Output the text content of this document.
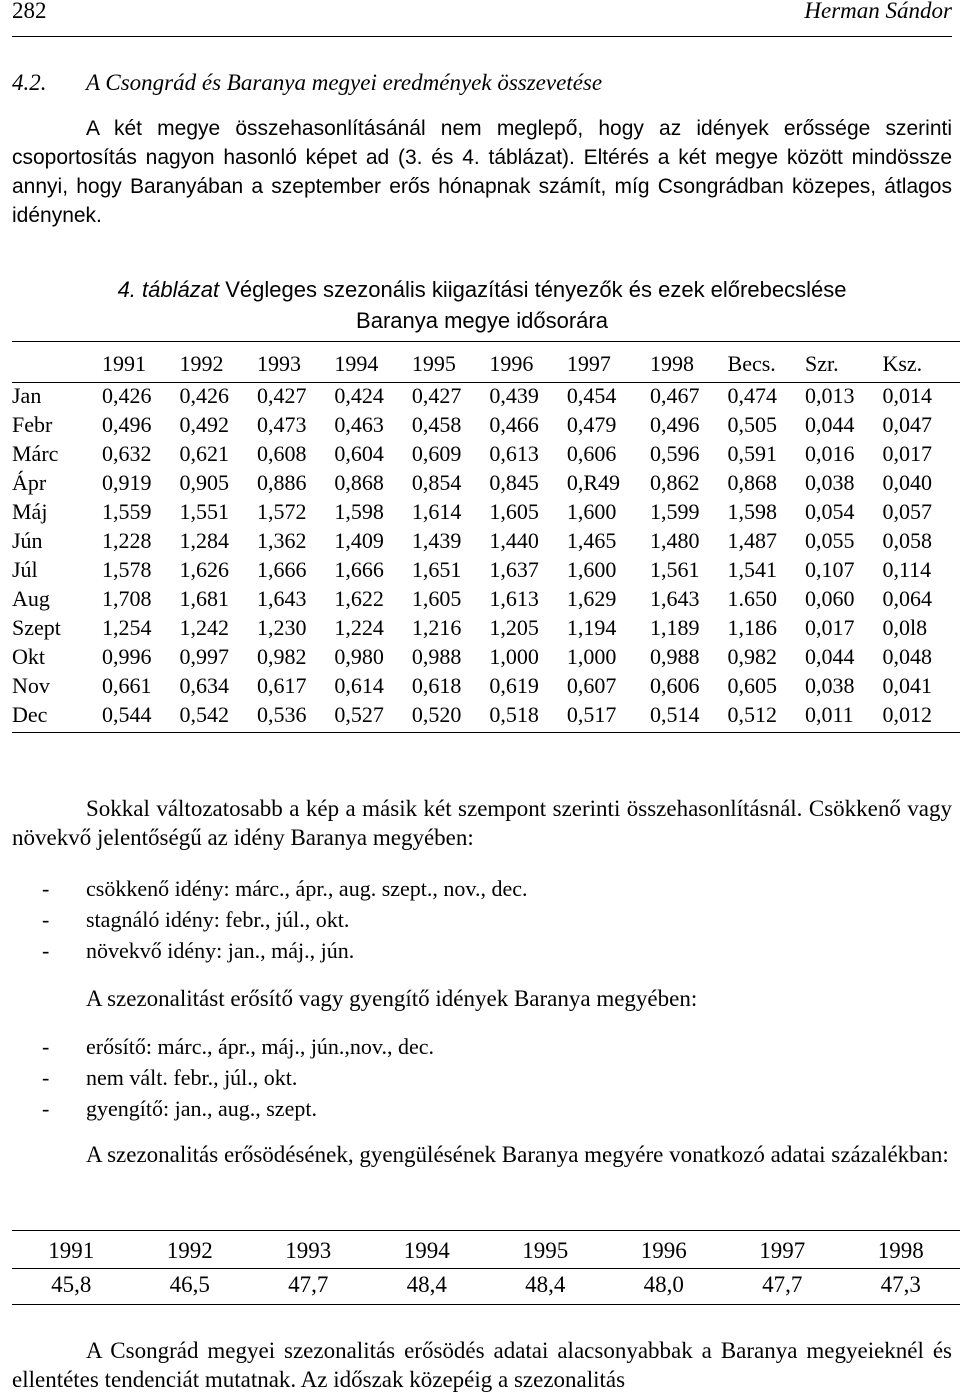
282	Herman Sándor
4.2. A Csongrád és Baranya megyei eredmények összevetése
A két megye összehasonlításánál nem meglepő, hogy az idények erőssége szerinti csoportosítás nagyon hasonló képet ad (3. és 4. táblázat). Eltérés a két megye között mindössze annyi, hogy Baranyában a szeptember erős hónapnak számít, míg Csongrádban közepes, átlagos idénynek.
4. táblázat Végleges szezonális kiigazítási tényezők és ezek előrebecslése
Baranya megye idősorára
	1991	1992	1993	1994	1995	1996	1997	1998	Becs.	Szr.	Ksz.
Jan	0,426	0,426	0,427	0,424	0,427	0,439	0,454	0,467	0,474	0,013	0,014
Febr	0,496	0,492	0,473	0,463	0,458	0,466	0,479	0,496	0,505	0,044	0,047
Márc	0,632	0,621	0,608	0,604	0,609	0,613	0,606	0,596	0,591	0,016	0,017
Ápr	0,919	0,905	0,886	0,868	0,854	0,845	0,R49	0,862	0,868	0,038	0,040
Máj	1,559	1,551	1,572	1,598	1,614	1,605	1,600	1,599	1,598	0,054	0,057
Jún	1,228	1,284	1,362	1,409	1,439	1,440	1,465	1,480	1,487	0,055	0,058
Júl	1,578	1,626	1,666	1,666	1,651	1,637	1,600	1,561	1,541	0,107	0,114
Aug	1,708	1,681	1,643	1,622	1,605	1,613	1,629	1,643	1.650	0,060	0,064
Szept	1,254	1,242	1,230	1,224	1,216	1,205	1,194	1,189	1,186	0,017	0,0l8
Okt	0,996	0,997	0,982	0,980	0,988	1,000	1,000	0,988	0,982	0,044	0,048
Nov	0,661	0,634	0,617	0,614	0,618	0,619	0,607	0,606	0,605	0,038	0,041
Dec	0,544	0,542	0,536	0,527	0,520	0,518	0,517	0,514	0,512	0,011	0,012
Sokkal változatosabb a kép a másik két szempont szerinti összehasonlításnál. Csökkenő vagy növekvő jelentőségű az idény Baranya megyében:
- csökkenő idény: márc., ápr., aug. szept., nov., dec.
- stagnáló idény: febr., júl., okt.
- növekvő idény: jan., máj., jún.
A szezonalitást erősítő vagy gyengítő idények Baranya megyében:
- erősítő: márc., ápr., máj., jún.,nov., dec.
- nem vált. febr., júl., okt.
- gyengítő: jan., aug., szept.
A szezonalitás erősödésének, gyengülésének Baranya megyére vonatkozó adatai százalékban:
1991	1992	1993	1994	1995	1996	1997	1998
45,8	46,5	47,7	48,4	48,4	48,0	47,7	47,3
A Csongrád megyei szezonalitás erősödés adatai alacsonyabbak a Baranya megyeieknél és ellentétes tendenciát mutatnak. Az időszak közepéig a szezonalitás
